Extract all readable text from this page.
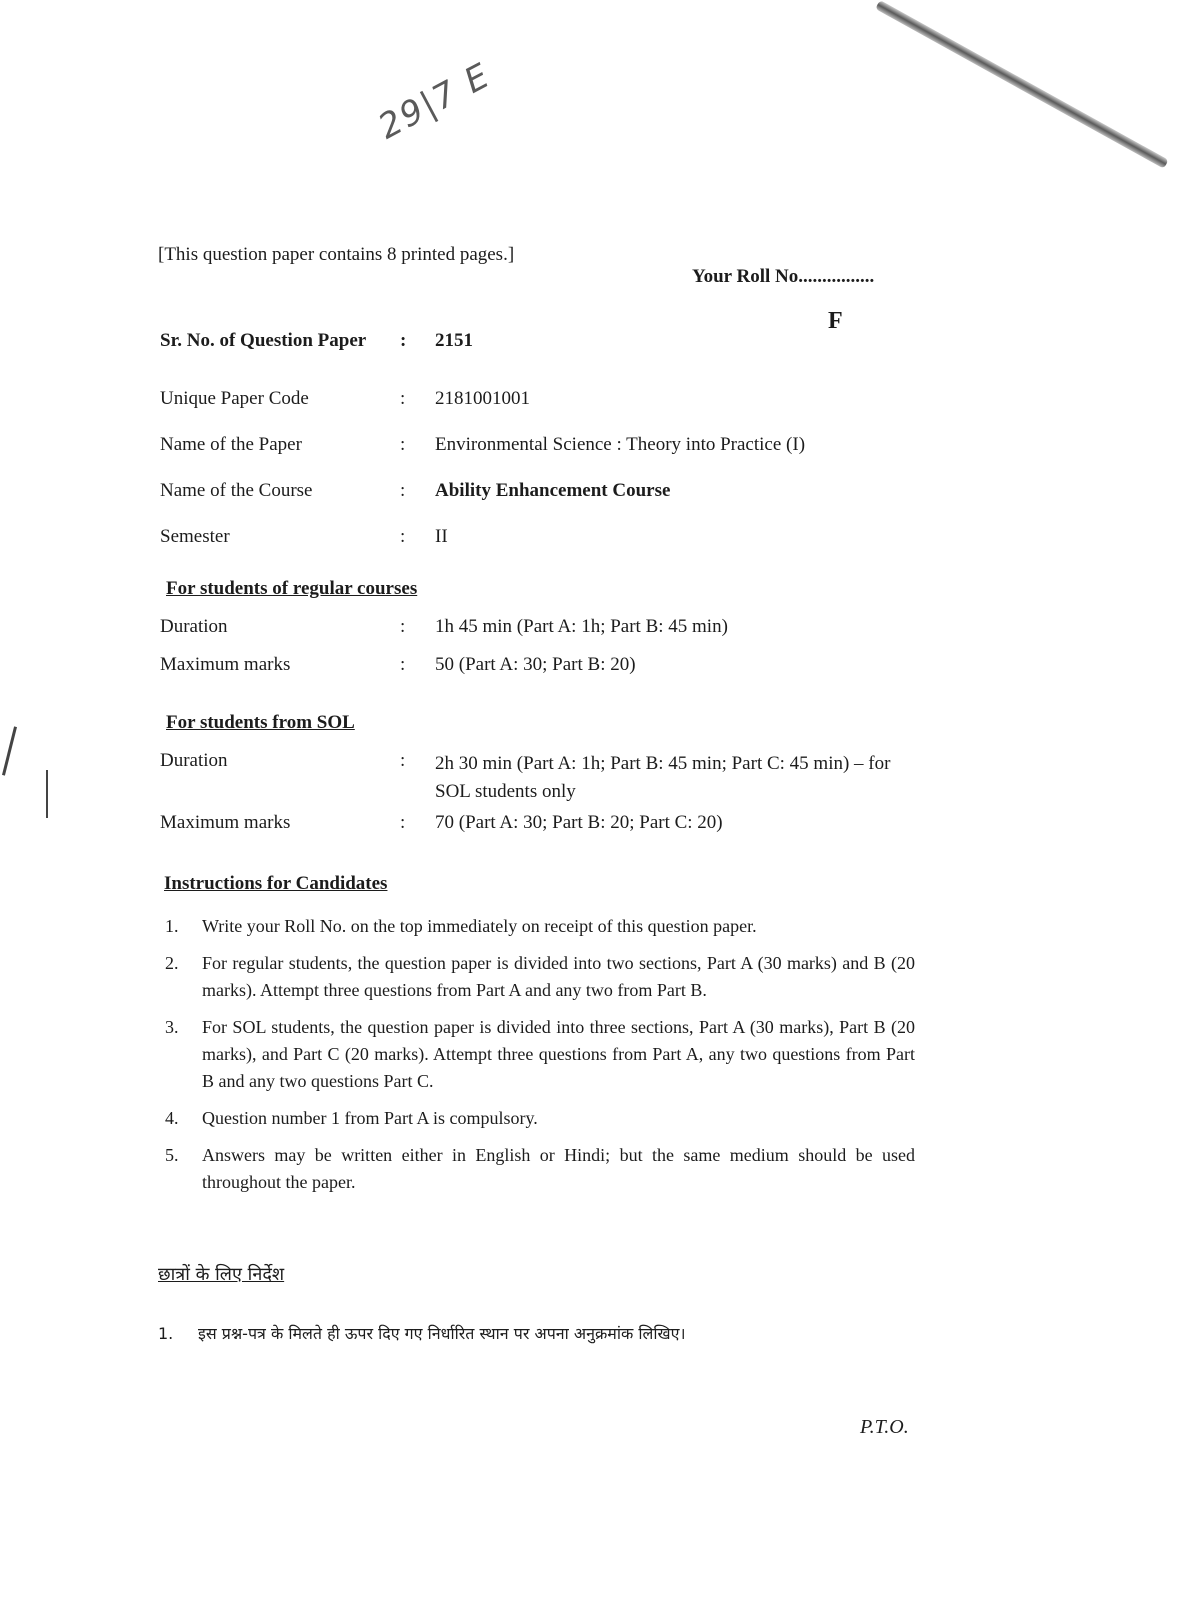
29|7 E
[This question paper contains 8 printed pages.]
Your Roll No................
F
Sr. No. of Question Paper	:	2151
Unique Paper Code	:	2181001001
Name of the Paper	:	Environmental Science : Theory into Practice (I)
Name of the Course	:	Ability Enhancement Course
Semester	:	II
For students of regular courses
Duration	:	1h 45 min (Part A: 1h; Part B: 45 min)
Maximum marks	:	50 (Part A: 30; Part B: 20)
For students from SOL
Duration	:	2h 30 min (Part A: 1h; Part B: 45 min; Part C: 45 min) – for SOL students only
Maximum marks	:	70 (Part A: 30; Part B: 20; Part C: 20)
Instructions for Candidates
1. Write your Roll No. on the top immediately on receipt of this question paper.
2. For regular students, the question paper is divided into two sections, Part A (30 marks) and B (20 marks). Attempt three questions from Part A and any two from Part B.
3. For SOL students, the question paper is divided into three sections, Part A (30 marks), Part B (20 marks), and Part C (20 marks). Attempt three questions from Part A, any two questions from Part B and any two questions Part C.
4. Question number 1 from Part A is compulsory.
5. Answers may be written either in English or Hindi; but the same medium should be used throughout the paper.
छात्रों के लिए निर्देश
1. इस प्रश्न-पत्र के मिलते ही ऊपर दिए गए निर्धारित स्थान पर अपना अनुक्रमांक लिखिए।
P.T.O.
